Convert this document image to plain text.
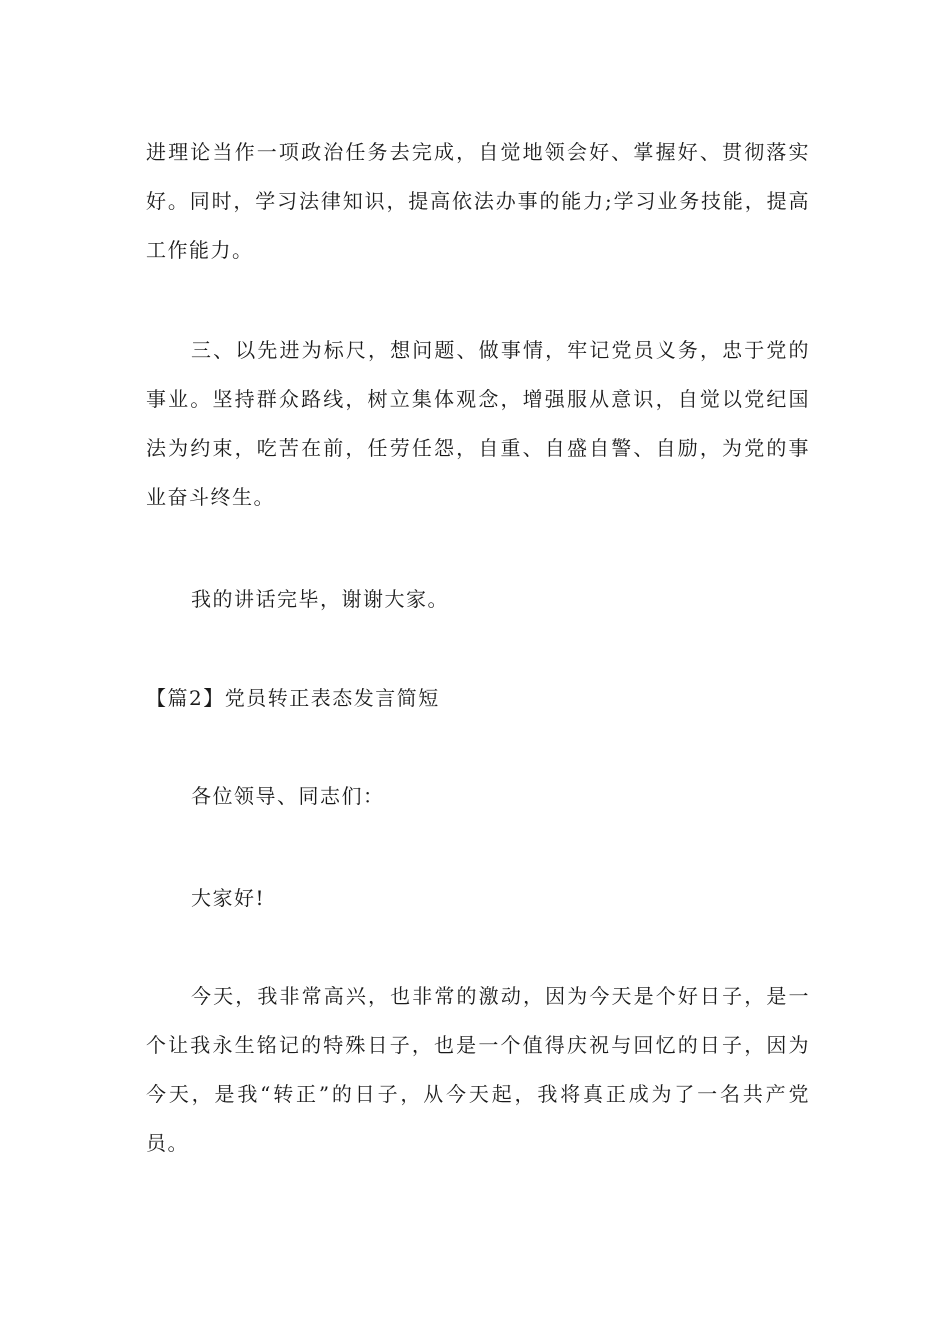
进理论当作一项政治任务去完成，自觉地领会好、掌握好、贯彻落实好。同时，学习法律知识，提高依法办事的能力;学习业务技能，提高工作能力。

三、以先进为标尺，想问题、做事情，牢记党员义务，忠于党的事业。坚持群众路线，树立集体观念，增强服从意识，自觉以党纪国法为约束，吃苦在前，任劳任怨，自重、自盛自警、自励，为党的事业奋斗终生。

我的讲话完毕，谢谢大家。

【篇2】党员转正表态发言简短

各位领导、同志们：

大家好!

今天，我非常高兴，也非常的激动，因为今天是个好日子，是一个让我永生铭记的特殊日子，也是一个值得庆祝与回忆的日子，因为今天，是我“转正”的日子，从今天起，我将真正成为了一名共产党员。
